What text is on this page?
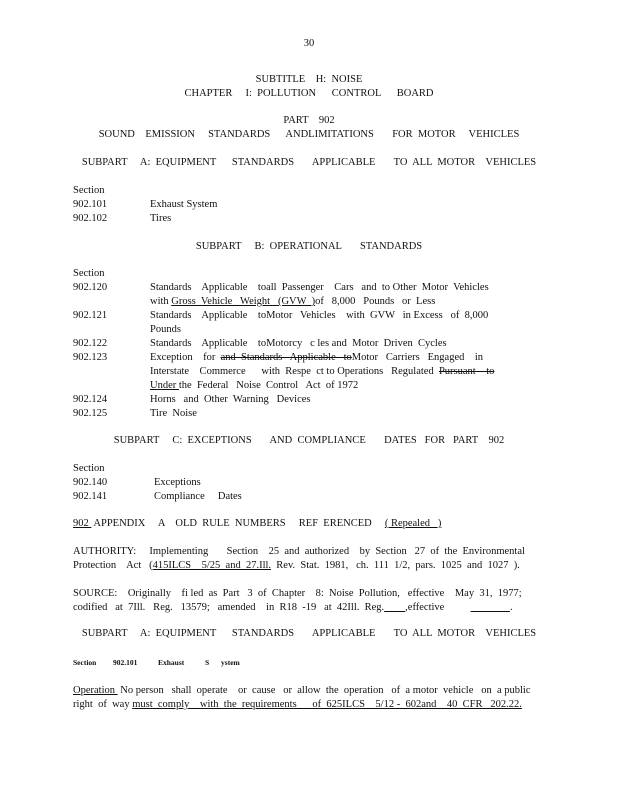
30
SUBTITLE    H:  NOISE
CHAPTER     I:  POLLUTION      CONTROL      BOARD
PART    902
SOUND    EMISSION     STANDARDS      ANDLIMITATIONS       FOR  MOTOR     VEHICLES
SUBPART     A:  EQUIPMENT      STANDARDS       APPLICABLE       TO  ALL  MOTOR    VEHICLES
Section
902.101	Exhaust System
902.102	Tires
SUBPART     B:  OPERATIONAL       STANDARDS
Section
902.120	Standards    Applicable    toall  Passenger    Cars   and  to Other  Motor  Vehicles
with Gross  Vehicle   Weight   (GVW  )of   8,000   Pounds   or  Less
902.121	Standards    Applicable    toMotor   Vehicles    with  GVW   in Excess   of  8,000
Pounds
902.122	Standards    Applicable    toMotorcy   c les and  Motor  Driven  Cycles
902.123	Exception    for  and  Standards   Applicable   toMotor   Carriers   Engaged    in
Interstate    Commerce      with  Respe  ct to Operations   Regulated  Pursuant    to
Under the  Federal   Noise  Control   Act  of 1972
902.124	Horns   and  Other  Warning   Devices
902.125	Tire  Noise
SUBPART     C:  EXCEPTIONS       AND  COMPLIANCE       DATES   FOR   PART    902
Section
902.140	Exceptions
902.141	Compliance     Dates
902  APPENDIX     A    OLD  RULE  NUMBERS     REF  ERENCED     ( Repealed   )
AUTHORITY:     Implementing       Section    25  and  authorized    by  Section   27  of  the  Environmental
Protection    Act   (415ILCS    5/25  and  27.Ill.  Rev.  Stat.  1981,   ch.  111  1/2,  pars.  1025  and  1027  ).
SOURCE:    Originally    fi led  as  Part   3  of  Chapter    8:  Noise  Pollution,   effective    May  31,  1977;
codified   at  7Ill.   Reg.   13579;   amended    in  R18  -19   at  42Ill.  Reg. ,effective	.
SUBPART     A:  EQUIPMENT      STANDARDS       APPLICABLE       TO  ALL  MOTOR    VEHICLES
Section 902.101	Exhaust	S ystem
Operation  No person   shall  operate    or  cause   or  allow  the  operation   of  a motor  vehicle   on  a public
right  of  way must  comply    with  the  requirements      of  625ILCS    5/12 -  602and    40  CFR   202.22.
